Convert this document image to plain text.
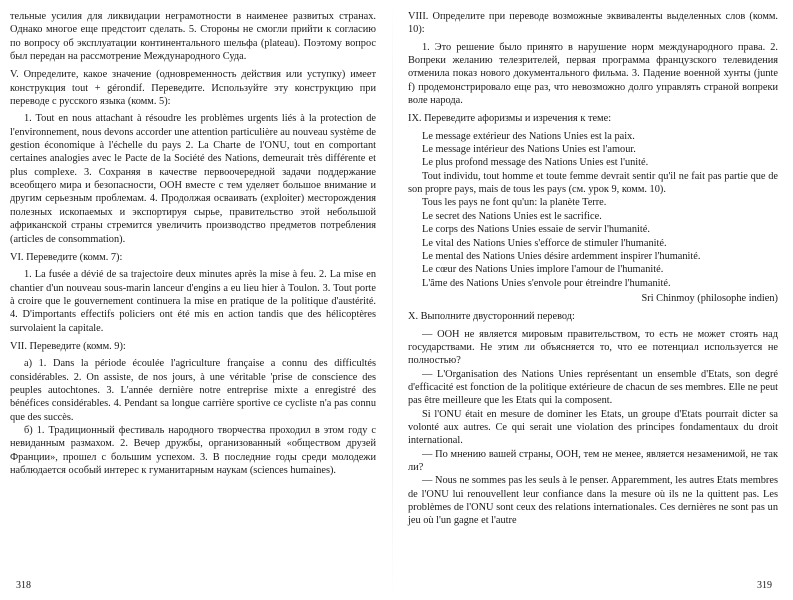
тельные усилия для ликвидации неграмотности в наименее развитых странах. Однако многое еще предстоит сделать. 5. Стороны не смогли прийти к согласию по вопросу об эксплуатации континентального шельфа (plateau). Поэтому вопрос был передан на рассмотрение Международного Суда.

V. Определите, какое значение (одновременность действия или уступку) имеет конструкция tout + gérondif. Переведите. Используйте эту конструкцию при переводе с русского языка (комм. 5):

1. Tout en nous attachant à résoudre les problèmes urgents liés à la protection de l'environnement, nous devons accorder une attention particulière au nouveau système de gestion économique à l'échelle du pays 2. La Charte de l'ONU, tout en comportant certaines analogies avec le Pacte de la Société des Nations, demeurait très différente et plus complexe. 3. Сохраняя в качестве первоочередной задачи поддержание всеобщего мира и безопасности, ООН вместе с тем уделяет большое внимание и другим серьезным проблемам. 4. Продолжая осваивать (exploiter) месторождения полезных ископаемых и экспортируя сырье, правительство этой небольшой африканской страны стремится увеличить производство предметов потребления (articles de consommation).

VI. Переведите (комм. 7):

1. La fusée a dévié de sa trajectoire deux minutes après la mise à feu. 2. La mise en chantier d'un nouveau sous-marin lanceur d'engins a eu lieu hier à Toulon. 3. Tout porte à croire que le gouvernement continuera la mise en pratique de la politique d'austérité. 4. D'importants effectifs policiers ont été mis en action tandis que des hélicoptères survolaient la capitale.

VII. Переведите (комм. 9):

а) 1. Dans la période écoulée l'agriculture française a connu des difficultés considérables. 2. On assiste, de nos jours, à une véritable 'prise de conscience des peuples autochtones. 3. L'année dernière notre entreprise mixte a enregistré des bénéfices considérables. 4. Pendant sa longue carrière sportive ce cycliste n'a pas connu que des succès.

б) 1. Традиционный фестиваль народного творчества проходил в этом году с невиданным размахом. 2. Вечер дружбы, организованный «обществом друзей Франции», прошел с большим успехом. 3. В последние годы среди молодежи наблюдается особый интерес к гуманитарным наукам (sciences humaines).

318

VIII. Определите при переводе возможные эквиваленты выделенных слов (комм. 10):

1. Это решение было принято в нарушение норм международного права. 2. Вопреки желанию телезрителей, первая программа французского телевидения отменила показ нового документального фильма. 3. Падение военной хунты (junte f) продемонстрировало еще раз, что невозможно долго управлять страной вопреки воле народа.

IX. Переведите афоризмы и изречения к теме:

Le message extérieur des Nations Unies est la paix.

Le message intérieur des Nations Unies est l'amour.

Le plus profond message des Nations Unies est l'unité.

Tout individu, tout homme et toute femme devrait sentir qu'il ne fait pas partie que de son propre pays, mais de tous les pays (см. урок 9, комм. 10).

Tous les pays ne font qu'un: la planète Terre.

Le secret des Nations Unies est le sacrifice.

Le corps des Nations Unies essaie de servir l'humanité.

Le vital des Nations Unies s'efforce de stimuler l'humanité.

Le mental des Nations Unies désire ardemment inspirer l'humanité.

Le cœur des Nations Unies implore l'amour de l'humanité.

L'âme des Nations Unies s'envole pour étreindre l'humanité.

Sri Chinmoy (philosophe indien)

X. Выполните двусторонний перевод:

— ООН не является мировым правительством, то есть не может стоять над государствами. Не этим ли объясняется то, что ее потенциал используется не полностью?

— L'Organisation des Nations Unies représentant un ensemble d'Etats, son degré d'efficacité est fonction de la politique extérieure de chacun de ses membres. Elle ne peut pas être meilleure que les Etats qui la composent.

Si l'ONU était en mesure de dominer les Etats, un groupe d'Etats pourrait dicter sa volonté aux autres. Ce qui serait une violation des principes fondamentaux du droit international.

— По мнению вашей страны, ООН, тем не менее, является незаменимой, не так ли?

— Nous ne sommes pas les seuls à le penser. Apparemment, les autres Etats membres de l'ONU lui renouvellent leur confiance dans la mesure où ils ne la quittent pas. Les problèmes de l'ONU sont ceux des relations internationales. Ces dernières ne sont pas un jeu où l'un gagne et l'autre

319
